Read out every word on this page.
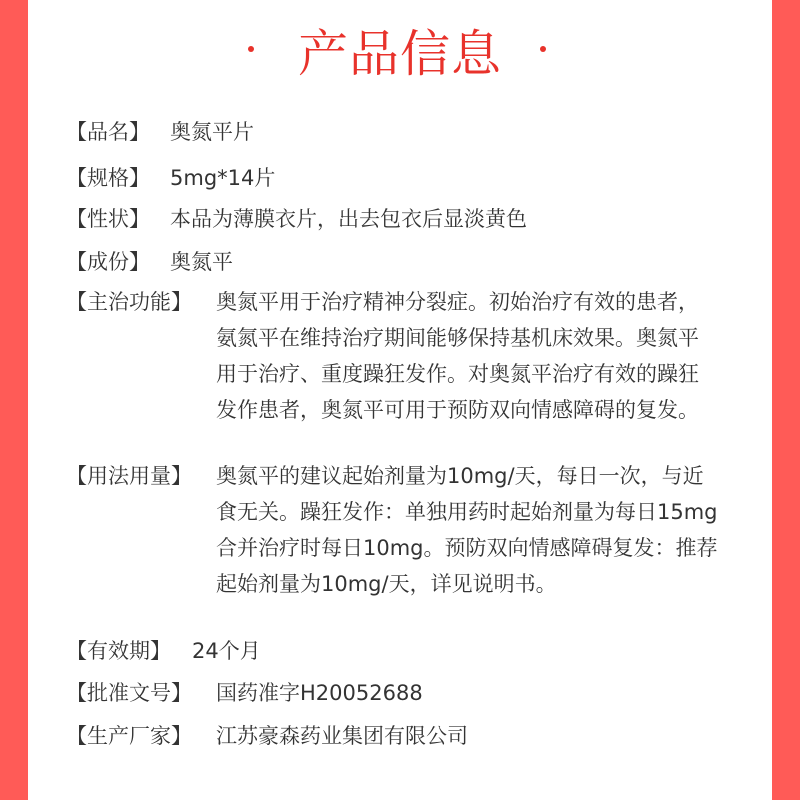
产品信息
【品名】 奥氮平片
【规格】 5mg*14片
【性状】 本品为薄膜衣片，出去包衣后显淡黄色
【成份】 奥氮平
【主治功能】 奥氮平用于治疗精神分裂症。初始治疗有效的患者，氨氮平在维持治疗期间能够保持基机床效果。奥氮平用于治疗、重度躁狂发作。对奥氮平治疗有效的躁狂发作患者，奥氮平可用于预防双向情感障碍的复发。
【用法用量】 奥氮平的建议起始剂量为10mg/天，每日一次，与近食无关。躁狂发作：单独用药时起始剂量为每日15mg合并治疗时每日10mg。预防双向情感障碍复发：推荐起始剂量为10mg/天，详见说明书。
【有效期】 24个月
【批准文号】 国药准字H20052688
【生产厂家】 江苏豪森药业集团有限公司
